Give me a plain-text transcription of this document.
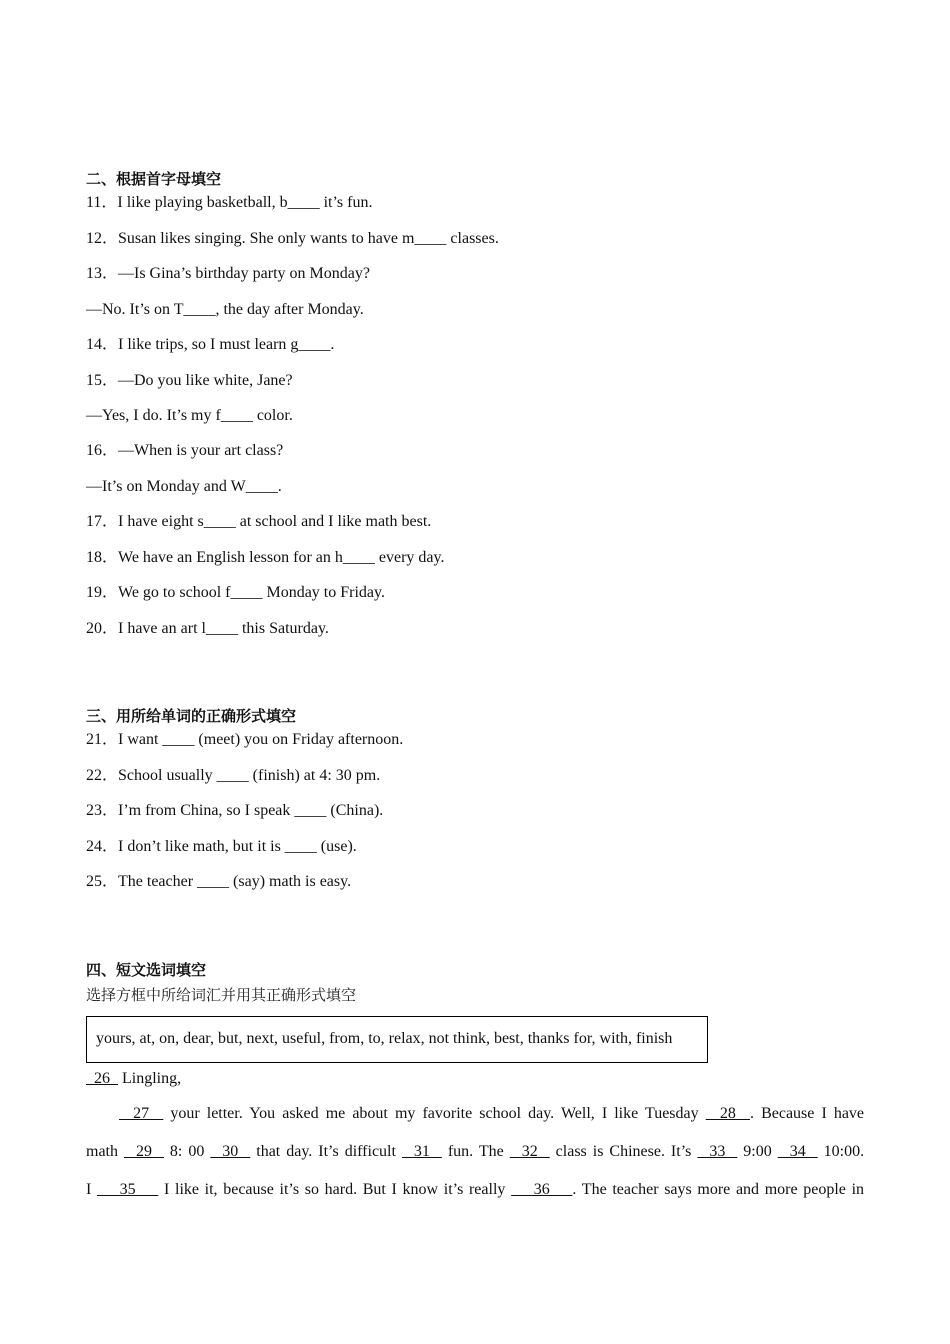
二、根据首字母填空
11．I like playing basketball, b____ it’s fun.
12．Susan likes singing. She only wants to have m____ classes.
13．—Is Gina’s birthday party on Monday?
—No. It’s on T____, the day after Monday.
14．I like trips, so I must learn g____.
15．—Do you like white, Jane?
—Yes, I do. It’s my f____ color.
16．—When is your art class?
—It’s on Monday and W____.
17．I have eight s____ at school and I like math best.
18．We have an English lesson for an h____ every day.
19．We go to school f____ Monday to Friday.
20．I have an art l____ this Saturday.
三、用所给单词的正确形式填空
21．I want ____ (meet) you on Friday afternoon.
22．School usually ____ (finish) at 4: 30 pm.
23．I’m from China, so I speak ____ (China).
24．I don’t like math, but it is ____ (use).
25．The teacher ____ (say) math is easy.
四、短文选词填空
选择方框中所给词汇并用其正确形式填空
yours, at, on, dear, but, next, useful, from, to, relax, not think, best, thanks for, with, finish
26   Lingling,
27   your letter. You asked me about my favorite school day. Well, I like Tuesday   28  . Because I have
math   29   8: 00   30   that day. It’s difficult   31   fun. The   32   class is Chinese. It’s   33   9:00   34   10:00.
I     35     I like it, because it’s so hard. But I know it’s really     36    . The teacher says more and more people in
